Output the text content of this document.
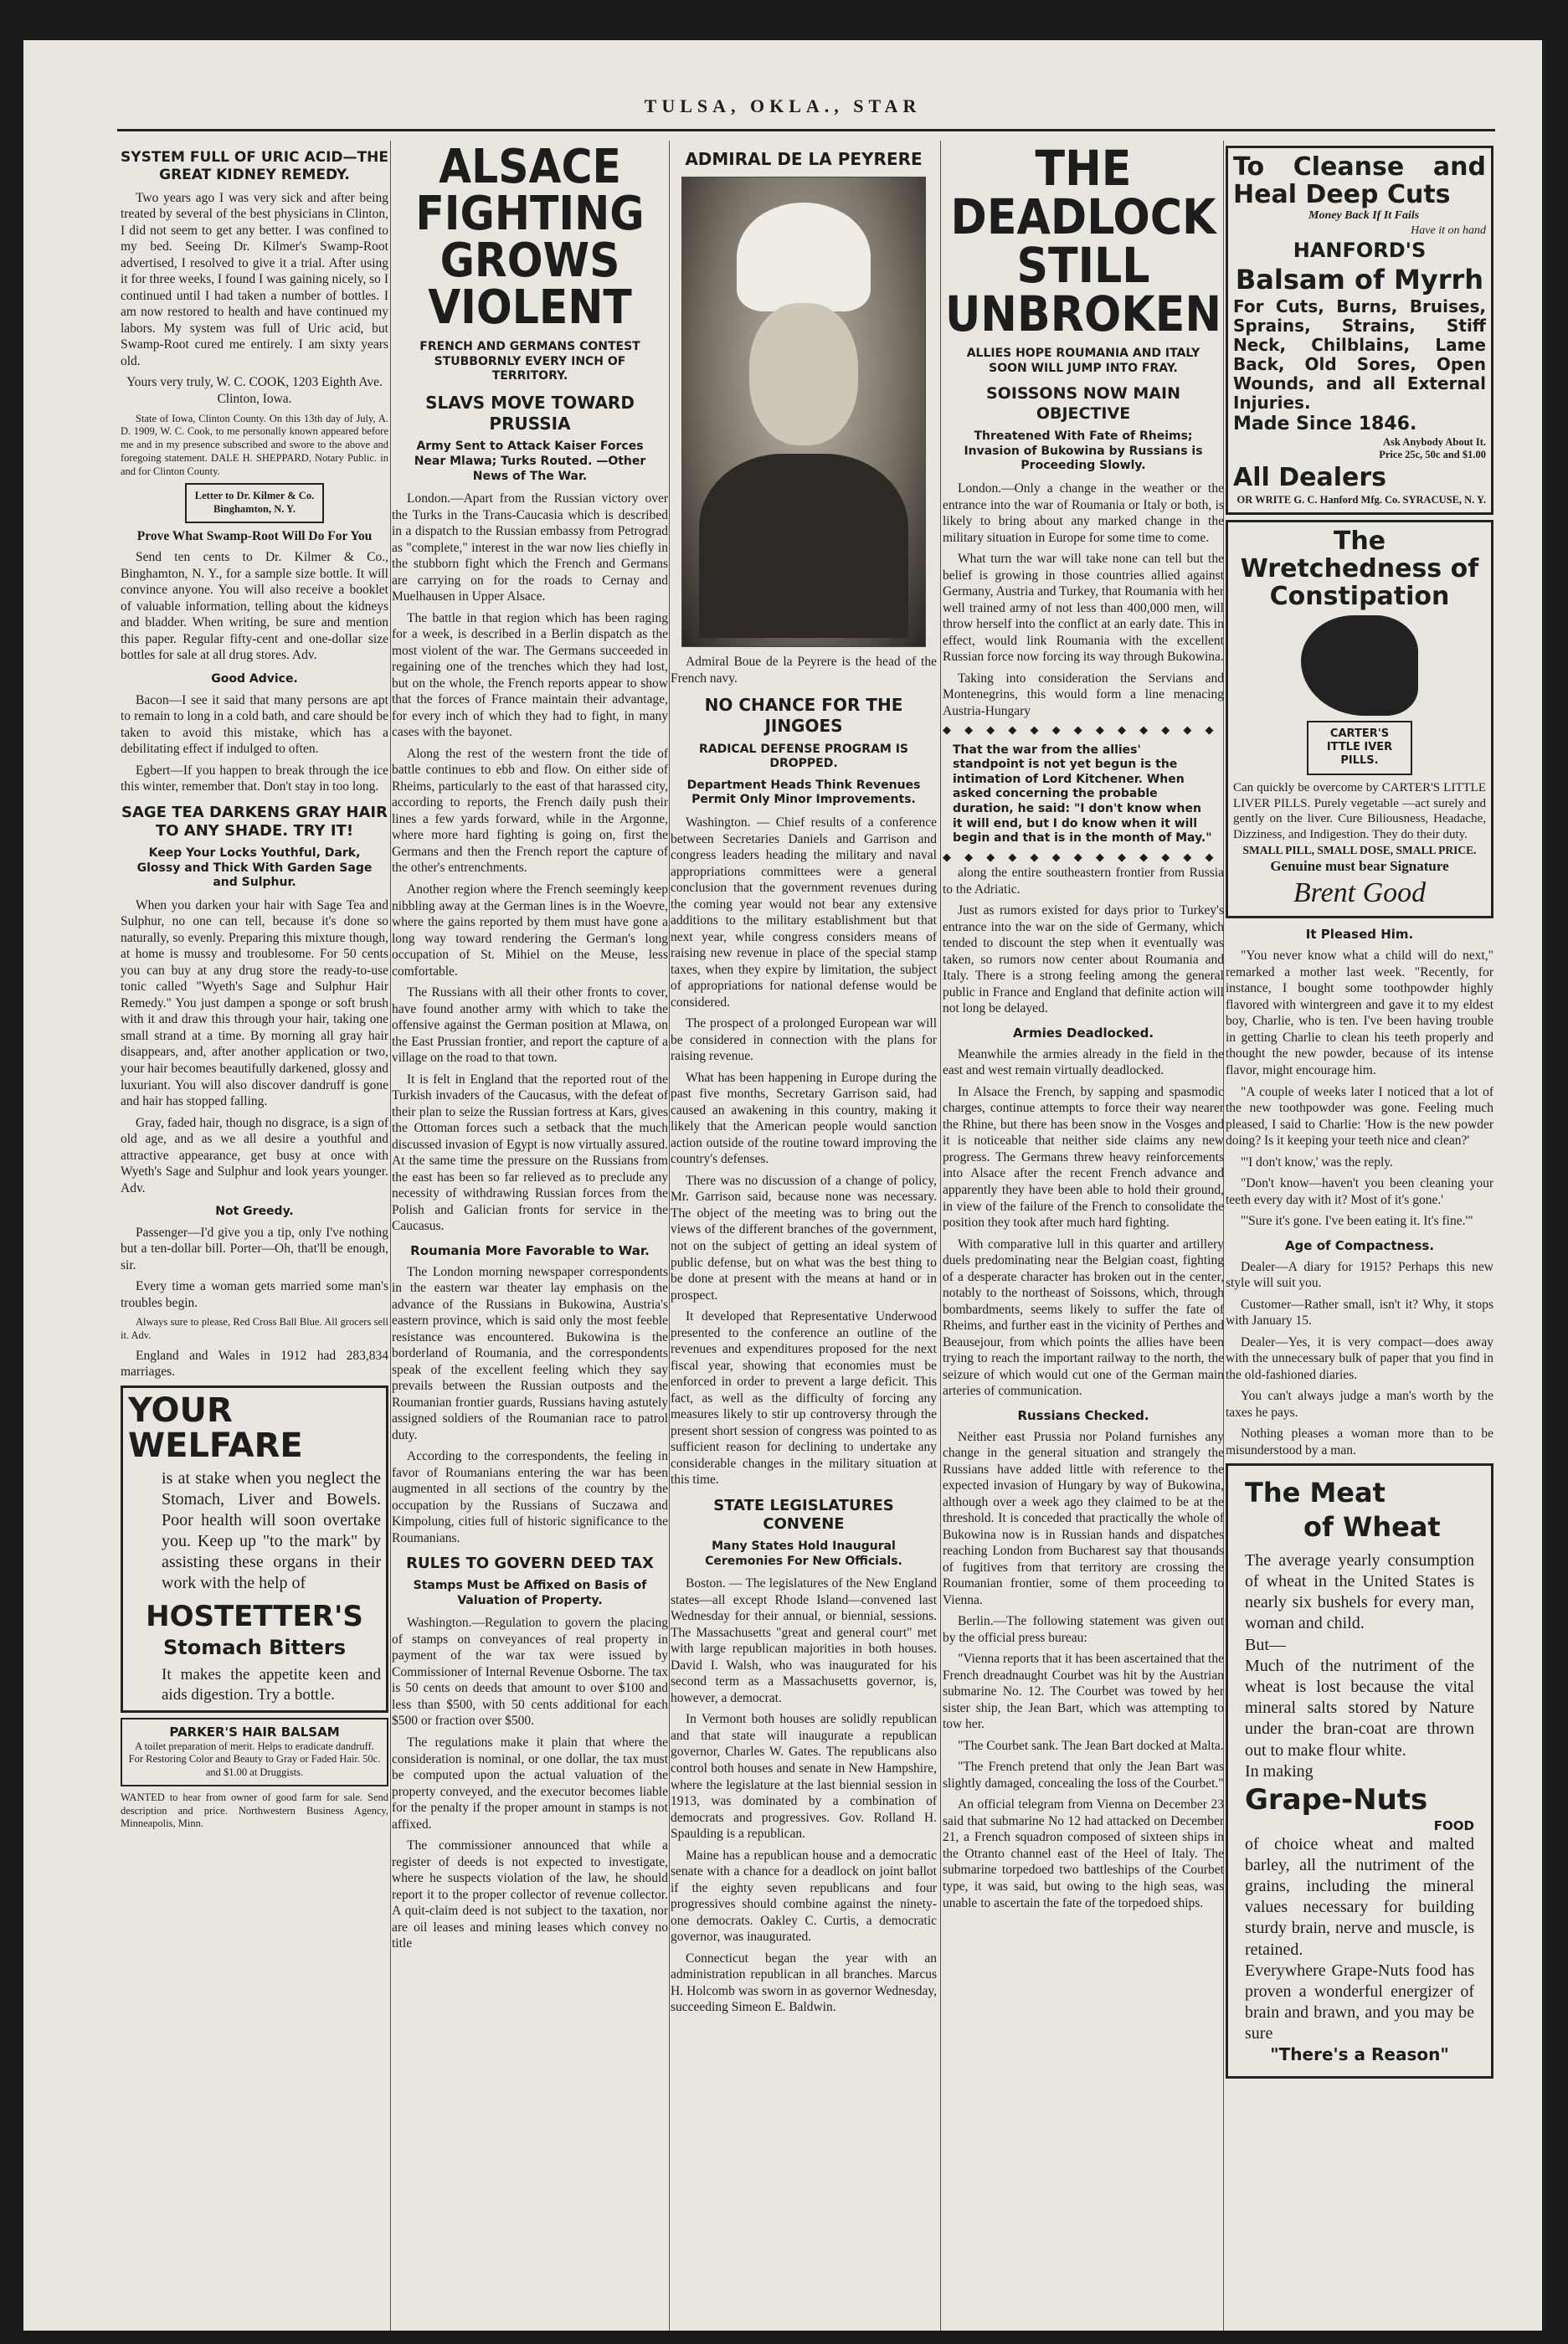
TULSA, OKLA., STAR
SYSTEM FULL OF URIC ACID—THE GREAT KIDNEY REMEDY.

Two years ago I was very sick and after being treated by several of the best physicians in Clinton, I did not seem to get any better. I was confined to my bed. Seeing Dr. Kilmer's Swamp-Root advertised, I resolved to give it a trial. After using it for three weeks, I found I was gaining nicely, so I continued until I had taken a number of bottles. I am now restored to health and have continued my labors. My system was full of Uric acid, but Swamp-Root cured me entirely. I am sixty years old.

Yours very truly, W. C. COOK, 1203 Eighth Ave. Clinton, Iowa.

State of Iowa, Clinton County. On this 13th day of July, A. D. 1909, W. C. Cook, to me personally known appeared before me and in my presence subscribed and swore to the above and foregoing statement. DALE H. SHEPPARD, Notary Public. in and for Clinton County.

Letter to Dr. Kilmer & Co. Binghamton, N. Y.

Prove What Swamp-Root Will Do For You

Send ten cents to Dr. Kilmer & Co., Binghamton, N. Y., for a sample size bottle. It will convince anyone. You will also receive a booklet of valuable information, telling about the kidneys and bladder. When writing, be sure and mention this paper. Regular fifty-cent and one-dollar size bottles for sale at all drug stores. Adv.

Good Advice.

Bacon—I see it said that many persons are apt to remain to long in a cold bath, and care should be taken to avoid this mistake, which has a debilitating effect if indulged to often.

Egbert—If you happen to break through the ice this winter, remember that. Don't stay in too long.

SAGE TEA DARKENS GRAY HAIR TO ANY SHADE. TRY IT!
Keep Your Locks Youthful, Dark, Glossy and Thick With Garden Sage and Sulphur.

When you darken your hair with Sage Tea and Sulphur, no one can tell, because it's done so naturally, so evenly. Preparing this mixture though, at home is mussy and troublesome. For 50 cents you can buy at any drug store the ready-to-use tonic called "Wyeth's Sage and Sulphur Hair Remedy." You just dampen a sponge or soft brush with it and draw this through your hair, taking one small strand at a time. By morning all gray hair disappears, and, after another application or two, your hair becomes beautifully darkened, glossy and luxuriant. You will also discover dandruff is gone and hair has stopped falling.

Gray, faded hair, though no disgrace, is a sign of old age, and as we all desire a youthful and attractive appearance, get busy at once with Wyeth's Sage and Sulphur and look years younger. Adv.

Not Greedy.

Passenger—I'd give you a tip, only I've nothing but a ten-dollar bill. Porter—Oh, that'll be enough, sir.

Every time a woman gets married some man's troubles begin.

Always sure to please, Red Cross Ball Blue. All grocers sell it. Adv.

England and Wales in 1912 had 283,834 marriages.

YOUR WELFARE
is at stake when you neglect the Stomach, Liver and Bowels. Poor health will soon overtake you. Keep up "to the mark" by assisting these organs in their work with the help of
HOSTETTER'S
Stomach Bitters
It makes the appetite keen and aids digestion. Try a bottle.
PARKER'S HAIR BALSAM
A toilet preparation of merit. Helps to eradicate dandruff. For Restoring Color and Beauty to Gray or Faded Hair. 50c. and $1.00 at Druggists.

WANTED to hear from owner of good farm for sale. Send description and price. Northwestern Business Agency, Minneapolis, Minn.

ALSACE FIGHTING GROWS VIOLENT
FRENCH AND GERMANS CONTEST STUBBORNLY EVERY INCH OF TERRITORY.
SLAVS MOVE TOWARD PRUSSIA
Army Sent to Attack Kaiser Forces Near Mlawa; Turks Routed. —Other News of The War.

London.—Apart from the Russian victory over the Turks in the Trans-Caucasia which is described in a dispatch to the Russian embassy from Petrograd as "complete," interest in the war now lies chiefly in the stubborn fight which the French and Germans are carrying on for the roads to Cernay and Muelhausen in Upper Alsace.

The battle in that region which has been raging for a week, is described in a Berlin dispatch as the most violent of the war. The Germans succeeded in regaining one of the trenches which they had lost, but on the whole, the French reports appear to show that the forces of France maintain their advantage, for every inch of which they had to fight, in many cases with the bayonet.

Along the rest of the western front the tide of battle continues to ebb and flow. On either side of Rheims, particularly to the east of that harassed city, according to reports, the French daily push their lines a few yards forward, while in the Argonne, where more hard fighting is going on, first the Germans and then the French report the capture of the other's entrenchments.

Another region where the French seemingly keep nibbling away at the German lines is in the Woevre, where the gains reported by them must have gone a long way toward rendering the German's long occupation of St. Mihiel on the Meuse, less comfortable.

The Russians with all their other fronts to cover, have found another army with which to take the offensive against the German position at Mlawa, on the East Prussian frontier, and report the capture of a village on the road to that town.

It is felt in England that the reported rout of the Turkish invaders of the Caucasus, with the defeat of their plan to seize the Russian fortress at Kars, gives the Ottoman forces such a setback that the much discussed invasion of Egypt is now virtually assured. At the same time the pressure on the Russians from the east has been so far relieved as to preclude any necessity of withdrawing Russian forces from the Polish and Galician fronts for service in the Caucasus.

Roumania More Favorable to War.

The London morning newspaper correspondents in the eastern war theater lay emphasis on the advance of the Russians in Bukowina, Austria's eastern province, which is said only the most feeble resistance was encountered. Bukowina is the borderland of Roumania, and the correspondents speak of the excellent feeling which they say prevails between the Russian outposts and the Roumanian frontier guards, Russians having astutely assigned soldiers of the Roumanian race to patrol duty.

According to the correspondents, the feeling in favor of Roumanians entering the war has been augmented in all sections of the country by the occupation by the Russians of Suczawa and Kimpolung, cities full of historic significance to the Roumanians.

RULES TO GOVERN DEED TAX
Stamps Must be Affixed on Basis of Valuation of Property.

Washington.—Regulation to govern the placing of stamps on conveyances of real property in payment of the war tax were issued by Commissioner of Internal Revenue Osborne. The tax is 50 cents on deeds that amount to over $100 and less than $500, with 50 cents additional for each $500 or fraction over $500.

The regulations make it plain that where the consideration is nominal, or one dollar, the tax must be computed upon the actual valuation of the property conveyed, and the executor becomes liable for the penalty if the proper amount in stamps is not affixed.

The commissioner announced that while a register of deeds is not expected to investigate, where he suspects violation of the law, he should report it to the proper collector of revenue collector. A quit-claim deed is not subject to the taxation, nor are oil leases and mining leases which convey no title

ADMIRAL DE LA PEYRERE

Admiral Boue de la Peyrere is the head of the French navy.

NO CHANCE FOR THE JINGOES
RADICAL DEFENSE PROGRAM IS DROPPED.
Department Heads Think Revenues Permit Only Minor Improvements.

Washington. — Chief results of a conference between Secretaries Daniels and Garrison and congress leaders heading the military and naval appropriations committees were a general conclusion that the government revenues during the coming year would not bear any extensive additions to the military establishment but that next year, while congress considers means of raising new revenue in place of the special stamp taxes, when they expire by limitation, the subject of appropriations for national defense would be considered.

The prospect of a prolonged European war will be considered in connection with the plans for raising revenue.

What has been happening in Europe during the past five months, Secretary Garrison said, had caused an awakening in this country, making it likely that the American people would sanction action outside of the routine toward improving the country's defenses.

There was no discussion of a change of policy, Mr. Garrison said, because none was necessary. The object of the meeting was to bring out the views of the different branches of the government, not on the subject of getting an ideal system of public defense, but on what was the best thing to be done at present with the means at hand or in prospect.

It developed that Representative Underwood presented to the conference an outline of the revenues and expenditures proposed for the next fiscal year, showing that economies must be enforced in order to prevent a large deficit. This fact, as well as the difficulty of forcing any measures likely to stir up controversy through the present short session of congress was pointed to as sufficient reason for declining to undertake any considerable changes in the military situation at this time.

STATE LEGISLATURES CONVENE
Many States Hold Inaugural Ceremonies For New Officials.

Boston. — The legislatures of the New England states—all except Rhode Island—convened last Wednesday for their annual, or biennial, sessions. The Massachusetts "great and general court" met with large republican majorities in both houses. David I. Walsh, who was inaugurated for his second term as a Massachusetts governor, is, however, a democrat.

In Vermont both houses are solidly republican and that state will inaugurate a republican governor, Charles W. Gates. The republicans also control both houses and senate in New Hampshire, where the legislature at the last biennial session in 1913, was dominated by a combination of democrats and progressives. Gov. Rolland H. Spaulding is a republican.

Maine has a republican house and a democratic senate with a chance for a deadlock on joint ballot if the eighty seven republicans and four progressives should combine against the ninety-one democrats. Oakley C. Curtis, a democratic governor, was inaugurated.

Connecticut began the year with an administration republican in all branches. Marcus H. Holcomb was sworn in as governor Wednesday, succeeding Simeon E. Baldwin.

THE DEADLOCK STILL UNBROKEN
ALLIES HOPE ROUMANIA AND ITALY SOON WILL JUMP INTO FRAY.
SOISSONS NOW MAIN OBJECTIVE
Threatened With Fate of Rheims; Invasion of Bukowina by Russians is Proceeding Slowly.

London.—Only a change in the weather or the entrance into the war of Roumania or Italy or both, is likely to bring about any marked change in the military situation in Europe for some time to come.

What turn the war will take none can tell but the belief is growing in those countries allied against Germany, Austria and Turkey, that Roumania with her well trained army of not less than 400,000 men, will throw herself into the conflict at an early date. This in effect, would link Roumania with the excellent Russian force now forcing its way through Bukowina.

Taking into consideration the Servians and Montenegrins, this would form a line menacing Austria-Hungary

◆ ◆ ◆ ◆ ◆ ◆ ◆ ◆ ◆ ◆ ◆ ◆ ◆
That the war from the allies' standpoint is not yet begun is the intimation of Lord Kitchener. When asked concerning the probable duration, he said: "I don't know when it will end, but I do know when it will begin and that is in the month of May."
◆ ◆ ◆ ◆ ◆ ◆ ◆ ◆ ◆ ◆ ◆ ◆ ◆

along the entire southeastern frontier from Russia to the Adriatic.

Just as rumors existed for days prior to Turkey's entrance into the war on the side of Germany, which tended to discount the step when it eventually was taken, so rumors now center about Roumania and Italy. There is a strong feeling among the general public in France and England that definite action will not long be delayed.

Armies Deadlocked.

Meanwhile the armies already in the field in the east and west remain virtually deadlocked.

In Alsace the French, by sapping and spasmodic charges, continue attempts to force their way nearer the Rhine, but there has been snow in the Vosges and it is noticeable that neither side claims any new progress. The Germans threw heavy reinforcements into Alsace after the recent French advance and apparently they have been able to hold their ground, in view of the failure of the French to consolidate the position they took after much hard fighting.

With comparative lull in this quarter and artillery duels predominating near the Belgian coast, fighting of a desperate character has broken out in the center, notably to the northeast of Soissons, which, through bombardments, seems likely to suffer the fate of Rheims, and further east in the vicinity of Perthes and Beausejour, from which points the allies have been trying to reach the important railway to the north, the seizure of which would cut one of the German main arteries of communication.

Russians Checked.

Neither east Prussia nor Poland furnishes any change in the general situation and strangely the Russians have added little with reference to the expected invasion of Hungary by way of Bukowina, although over a week ago they claimed to be at the threshold. It is conceded that practically the whole of Bukowina now is in Russian hands and dispatches reaching London from Bucharest say that thousands of fugitives from that territory are crossing the Roumanian frontier, some of them proceeding to Vienna.

Berlin.—The following statement was given out by the official press bureau:

"Vienna reports that it has been ascertained that the French dreadnaught Courbet was hit by the Austrian submarine No. 12. The Courbet was towed by her sister ship, the Jean Bart, which was attempting to tow her.

"The Courbet sank. The Jean Bart docked at Malta.

"The French pretend that only the Jean Bart was slightly damaged, concealing the loss of the Courbet."

An official telegram from Vienna on December 23 said that submarine No 12 had attacked on December 21, a French squadron composed of sixteen ships in the Otranto channel east of the Heel of Italy. The submarine torpedoed two battleships of the Courbet type, it was said, but owing to the high seas, was unable to ascertain the fate of the torpedoed ships.

To Cleanse and Heal Deep Cuts
Money Back If It Fails
Have it on hand
HANFORD'S
Balsam of Myrrh
For Cuts, Burns, Bruises, Sprains, Strains, Stiff Neck, Chilblains, Lame Back, Old Sores, Open Wounds, and all External Injuries.
Made Since 1846.
Ask Anybody About It.
Price 25c, 50c and $1.00
All Dealers
OR WRITE G. C. Hanford Mfg. Co. SYRACUSE, N. Y.
The Wretchedness of Constipation
CARTER'S ITTLE IVER PILLS.
Can quickly be overcome by CARTER'S LITTLE LIVER PILLS. Purely vegetable —act surely and gently on the liver. Cure Biliousness, Headache, Dizziness, and Indigestion. They do their duty.
SMALL PILL, SMALL DOSE, SMALL PRICE.
Genuine must bear Signature
Brent Good
It Pleased Him.

"You never know what a child will do next," remarked a mother last week. "Recently, for instance, I bought some toothpowder highly flavored with wintergreen and gave it to my eldest boy, Charlie, who is ten. I've been having trouble in getting Charlie to clean his teeth properly and thought the new powder, because of its intense flavor, might encourage him.

"A couple of weeks later I noticed that a lot of the new toothpowder was gone. Feeling much pleased, I said to Charlie: 'How is the new powder doing? Is it keeping your teeth nice and clean?'

"'I don't know,' was the reply.

"Don't know—haven't you been cleaning your teeth every day with it? Most of it's gone.'

"'Sure it's gone. I've been eating it. It's fine.'"

Age of Compactness.

Dealer—A diary for 1915? Perhaps this new style will suit you.

Customer—Rather small, isn't it? Why, it stops with January 15.

Dealer—Yes, it is very compact—does away with the unnecessary bulk of paper that you find in the old-fashioned diaries.

You can't always judge a man's worth by the taxes he pays.

Nothing pleases a woman more than to be misunderstood by a man.

The Meat
of Wheat
The average yearly consumption of wheat in the United States is nearly six bushels for every man, woman and child.
But—
Much of the nutriment of the wheat is lost because the vital mineral salts stored by Nature under the bran-coat are thrown out to make flour white.
In making
Grape-Nuts
FOOD
of choice wheat and malted barley, all the nutriment of the grains, including the mineral values necessary for building sturdy brain, nerve and muscle, is retained.
Everywhere Grape-Nuts food has proven a wonderful energizer of brain and brawn, and you may be sure
"There's a Reason"
